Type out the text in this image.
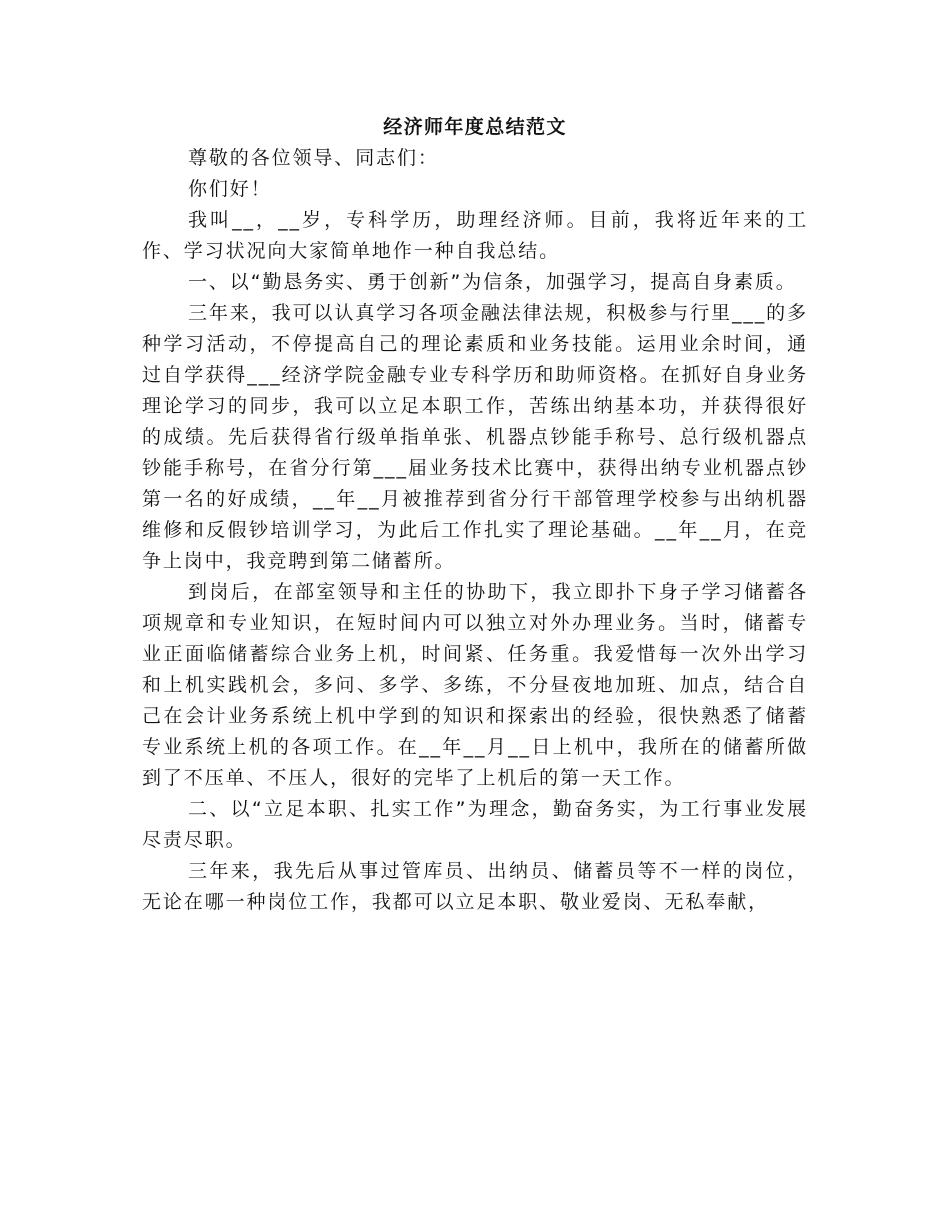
经济师年度总结范文

尊敬的各位领导、同志们：

你们好！

我叫__，__岁，专科学历，助理经济师。目前，我将近年来的工作、学习状况向大家简单地作一种自我总结。

一、以“勤恳务实、勇于创新”为信条，加强学习，提高自身素质。

三年来，我可以认真学习各项金融法律法规，积极参与行里___的多种学习活动，不停提高自己的理论素质和业务技能。运用业余时间，通过自学获得___经济学院金融专业专科学历和助师资格。在抓好自身业务理论学习的同步，我可以立足本职工作，苦练出纳基本功，并获得很好的成绩。先后获得省行级单指单张、机器点钞能手称号、总行级机器点钞能手称号，在省分行第___届业务技术比赛中，获得出纳专业机器点钞第一名的好成绩，__年__月被推荐到省分行干部管理学校参与出纳机器维修和反假钞培训学习，为此后工作扎实了理论基础。__年__月，在竞争上岗中，我竞聘到第二储蓄所。

到岗后，在部室领导和主任的协助下，我立即扑下身子学习储蓄各项规章和专业知识，在短时间内可以独立对外办理业务。当时，储蓄专业正面临储蓄综合业务上机，时间紧、任务重。我爱惜每一次外出学习和上机实践机会，多问、多学、多练，不分昼夜地加班、加点，结合自己在会计业务系统上机中学到的知识和探索出的经验，很快熟悉了储蓄专业系统上机的各项工作。在__年__月__日上机中，我所在的储蓄所做到了不压单、不压人，很好的完毕了上机后的第一天工作。

二、以“立足本职、扎实工作”为理念，勤奋务实，为工行事业发展尽责尽职。

三年来，我先后从事过管库员、出纳员、储蓄员等不一样的岗位，无论在哪一种岗位工作，我都可以立足本职、敬业爱岗、无私奉献，
